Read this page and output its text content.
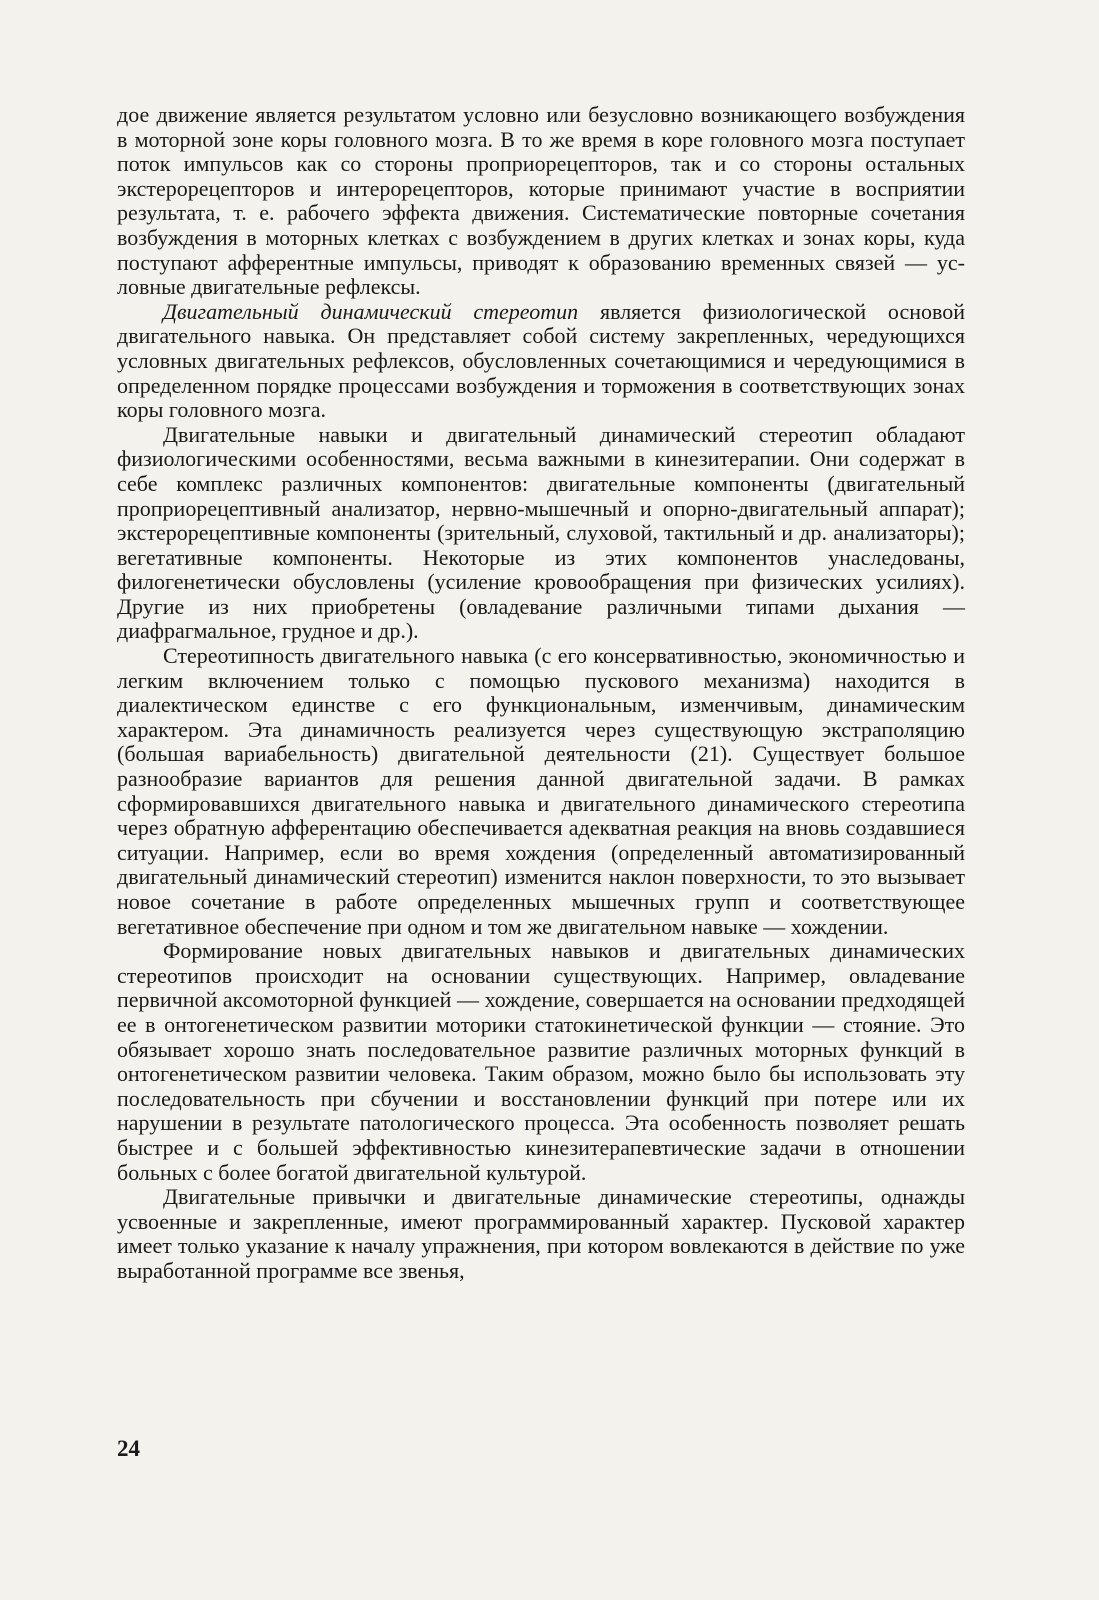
дое движение является результатом условно или безусловно возникающего возбуждения в моторной зоне коры головного мозга. В то же время в коре головного мозга поступает поток импульсов как со стороны проприорецепторов, так и со стороны остальных экстерорецепторов и интерорецепторов, которые принимают участие в восприятии результата, т. е. рабочего эффекта движения. Систематические повторные сочетания возбуждения в моторных клетках с возбуждением в других клетках и зонах коры, куда поступают афферентные импульсы, приводят к образованию временных связей — условные двигательные рефлексы.

Двигательный динамический стереотип является физиологической основой двигательного навыка. Он представляет собой систему закрепленных, чередующихся условных двигательных рефлексов, обусловленных сочетающимися и чередующимися в определенном порядке процессами возбуждения и торможения в соответствующих зонах коры головного мозга.

Двигательные навыки и двигательный динамический стереотип обладают физиологическими особенностями, весьма важными в кинезитерапии. Они содержат в себе комплекс различных компонентов: двигательные компоненты (двигательный проприорецептивный анализатор, нервно-мышечный и опорно-двигательный аппарат); экстерорецептивные компоненты (зрительный, слуховой, тактильный и др. анализаторы); вегетативные компоненты. Некоторые из этих компонентов унаследованы, филогенетически обусловлены (усиление кровообращения при физических усилиях). Другие из них приобретены (овладевание различными типами дыхания — диафрагмальное, грудное и др.).

Стереотипность двигательного навыка (с его консервативностью, экономичностью и легким включением только с помощью пускового механизма) находится в диалектическом единстве с его функциональным, изменчивым, динамическим характером. Эта динамичность реализуется через существующую экстраполяцию (большая вариабельность) двигательной деятельности (21). Существует большое разнообразие вариантов для решения данной двигательной задачи. В рамках сформировавшихся двигательного навыка и двигательного динамического стереотипа через обратную афферентацию обеспечивается адекватная реакция на вновь создавшиеся ситуации. Например, если во время хождения (определенный автоматизированный двигательный динамический стереотип) изменится наклон поверхности, то это вызывает новое сочетание в работе определенных мышечных групп и соответствующее вегетативное обеспечение при одном и том же двигательном навыке — хождении.

Формирование новых двигательных навыков и двигательных динамических стереотипов происходит на основании существующих. Например, овладевание первичной аксомоторной функцией — хождение, совершается на основании предходящей ее в онтогенетическом развитии моторики статокинетической функции — стояние. Это обязывает хорошо знать последовательное развитие различных моторных функций в онтогенетическом развитии человека. Таким образом, можно было бы использовать эту последовательность при сбучении и восстановлении функций при потере или их нарушении в результате патологического процесса. Эта особенность позволяет решать быстрее и с большей эффективностью кинезитерапевтические задачи в отношении больных с более богатой двигательной культурой.

Двигательные привычки и двигательные динамические стереотипы, однажды усвоенные и закрепленные, имеют программированный характер. Пусковой характер имеет только указание к началу упражнения, при котором вовлекаются в действие по уже выработанной программе все звенья,

24
